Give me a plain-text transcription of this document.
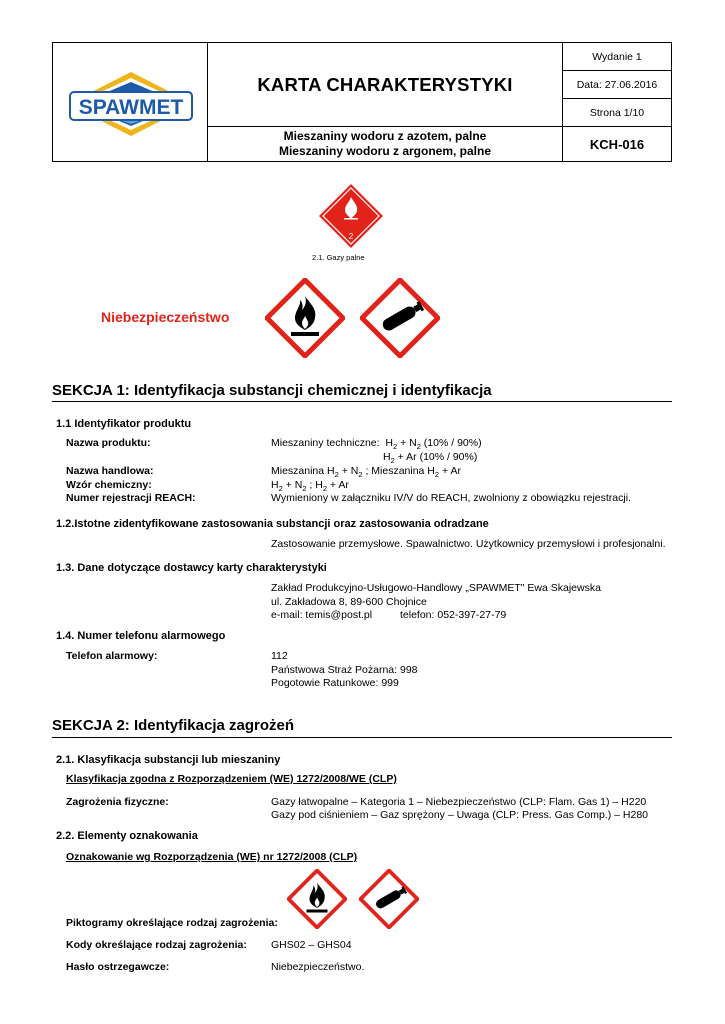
SPAWMET
KARTA CHARAKTERYSTYKI
Mieszaniny wodoru z azotem, palne
Mieszaniny wodoru z argonem, palne
Wydanie 1
Data: 27.06.2016
Strona 1/10
KCH-016
2
2.1. Gazy palne
Niebezpieczeństwo
SEKCJA 1: Identyfikacja substancji chemicznej i identyfikacja
1.1 Identyfikator produktu
Nazwa produktu:	Mieszaniny techniczne:  $H_2 + N_2$ (10% / 90%)
$H_2 + Ar$ (10% / 90%)
Nazwa handlowa:	Mieszanina $H_2 + N_2$ ; Mieszanina $H_2 + Ar$
Wzór chemiczny:	$H_2 + N_2$ ; $H_2 + Ar$
Numer rejestracji REACH:	Wymieniony w załączniku IV/V do REACH, zwolniony z obowiązku rejestracji.
1.2.Istotne zidentyfikowane zastosowania substancji oraz zastosowania odradzane
Zastosowanie przemysłowe. Spawalnictwo. Użytkownicy przemysłowi i profesjonalni.
1.3. Dane dotyczące dostawcy karty charakterystyki
Zakład Produkcyjno-Usługowo-Handlowy „SPAWMET" Ewa Skajewska
ul. Zakładowa 8, 89-600 Chojnice
e-mail: temis@post.pl	telefon: 052-397-27-79
1.4. Numer telefonu alarmowego
Telefon alarmowy:	112
Państwowa Straż Pożarna: 998
Pogotowie Ratunkowe: 999
SEKCJA 2: Identyfikacja zagrożeń
2.1. Klasyfikacja substancji lub mieszaniny
Klasyfikacja zgodna z Rozporządzeniem (WE) 1272/2008/WE (CLP)
Zagrożenia fizyczne:	Gazy łatwopalne – Kategoria 1 – Niebezpieczeństwo (CLP: Flam. Gas 1) – H220
Gazy pod ciśnieniem – Gaz sprężony – Uwaga (CLP: Press. Gas Comp.) – H280
2.2. Elementy oznakowania
Oznakowanie wg Rozporządzenia (WE) nr 1272/2008 (CLP)
Piktogramy określające rodzaj zagrożenia:
Kody określające rodzaj zagrożenia: GHS02 – GHS04
Hasło ostrzegawcze:	Niebezpieczeństwo.
